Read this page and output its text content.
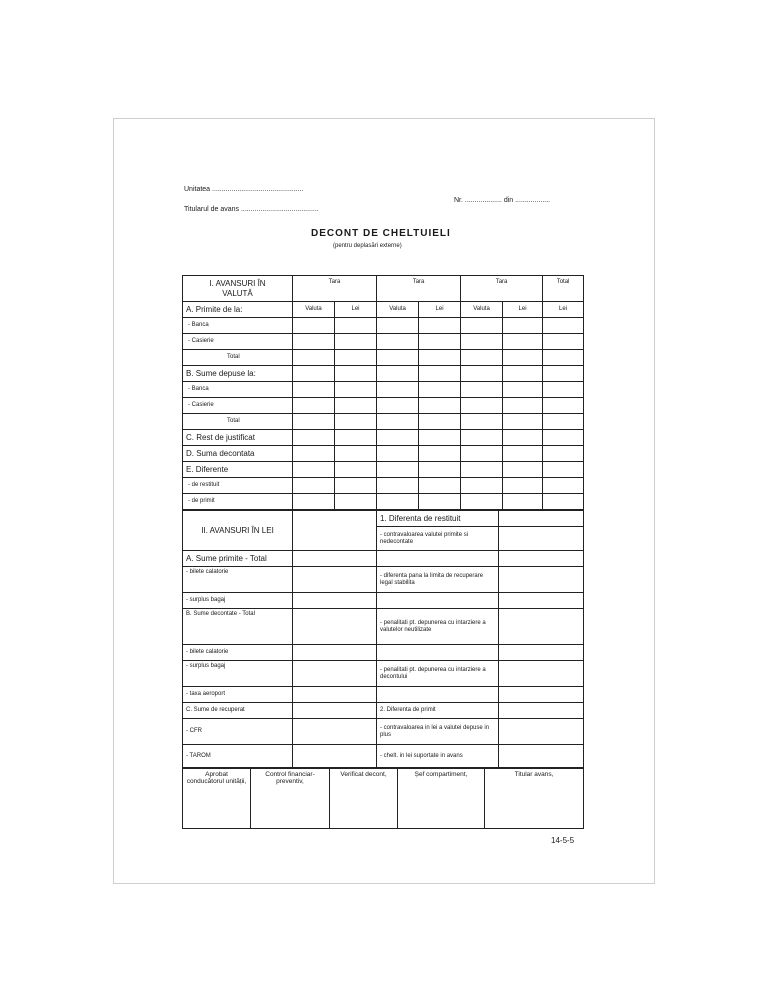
Unitatea ...............................................
Titularul de avans ........................................
Nr. ................... din ..................
DECONT DE CHELTUIELI
(pentru deplasări externe)
I. AVANSURI ÎN
VALUTĂ	Tara		Tara		Tara		Total
A. Primite de la:	Valuta	Lei	Valuta	Lei	Valuta	Lei	Lei
- Banca							
- Casierie							
Total							
B. Sume depuse la:							
- Banca							
- Casierie							
Total							
C. Rest de justificat							
D. Suma decontata							
E. Diferente							
- de restituit							
- de primit							
II. AVANSURI ÎN LEI		1. Diferenta de restituit	
		- contravaloarea valutei primite si nedecontate	
A. Sume primite - Total			
- bilete calatorie		- diferenta pana la limita de recuperare legal stabilita	
- surplus bagaj			
B. Sume decontate - Total		- penalitati pt. depunerea cu intarziere a valutelor neutilizate	
- bilete calatorie			
- surplus bagaj		- penalitati pt. depunerea cu intarziere a decontului	
- taxa aeroport			
C. Sume de recuperat		2. Diferenta de primit	
- CFR		- contravaloarea in lei a valutei depuse in plus	
- TAROM		- chelt. in lei suportate in avans	
Aprobat conducătorul unității,	Control financiar-preventiv,	Verificat decont,	Șef compartiment,	Titular avans,
14-5-5
